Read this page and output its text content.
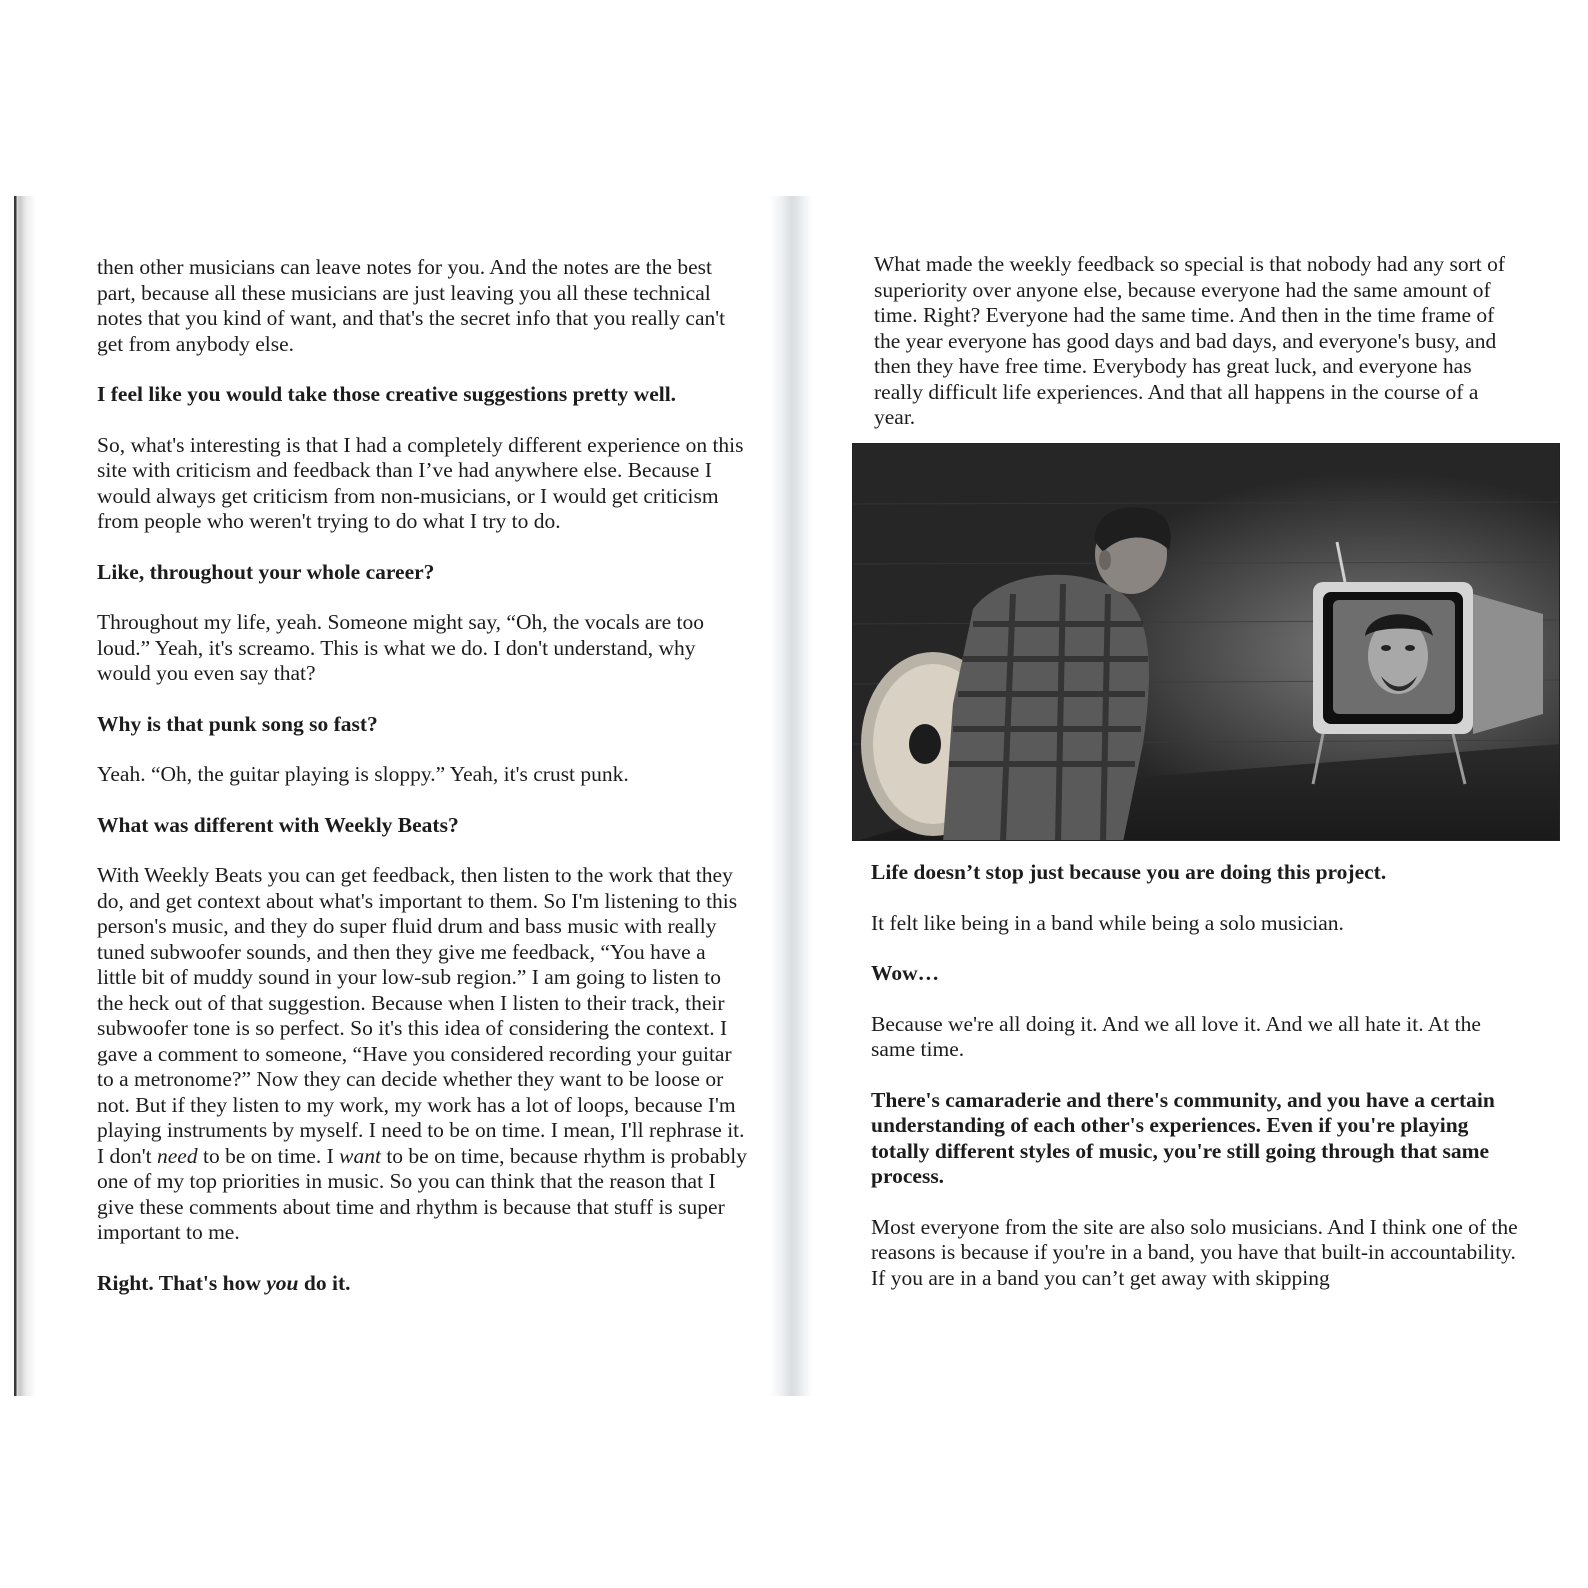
then other musicians can leave notes for you. And the notes are the best part, because all these musicians are just leaving you all these technical notes that you kind of want, and that's the secret info that you really can't get from anybody else.

I feel like you would take those creative suggestions pretty well.

So, what's interesting is that I had a completely different experience on this site with criticism and feedback than I’ve had anywhere else. Because I would always get criticism from non-musicians, or I would get criticism from people who weren't trying to do what I try to do.

Like, throughout your whole career?

Throughout my life, yeah. Someone might say, “Oh, the vocals are too loud.” Yeah, it's screamo. This is what we do. I don't understand, why would you even say that?

Why is that punk song so fast?

Yeah. “Oh, the guitar playing is sloppy.” Yeah, it's crust punk.

What was different with Weekly Beats?

With Weekly Beats you can get feedback, then listen to the work that they do, and get context about what's important to them. So I'm listening to this person's music, and they do super fluid drum and bass music with really tuned subwoofer sounds, and then they give me feedback, “You have a little bit of muddy sound in your low-sub region.” I am going to listen to the heck out of that suggestion. Because when I listen to their track, their subwoofer tone is so perfect. So it's this idea of considering the context. I gave a comment to someone, “Have you considered recording your guitar to a metronome?” Now they can decide whether they want to be loose or not. But if they listen to my work, my work has a lot of loops, because I'm playing instruments by myself. I need to be on time. I mean, I'll rephrase it. I don't need to be on time. I want to be on time, because rhythm is probably one of my top priorities in music. So you can think that the reason that I give these comments about time and rhythm is because that stuff is super important to me.

Right. That's how you do it.

What made the weekly feedback so special is that nobody had any sort of superiority over anyone else, because everyone had the same amount of time. Right? Everyone had the same time. And then in the time frame of the year everyone has good days and bad days, and everyone's busy, and then they have free time. Everybody has great luck, and everyone has really difficult life experiences. And that all happens in the course of a year.

Life doesn’t stop just because you are doing this project.

It felt like being in a band while being a solo musician.

Wow…

Because we're all doing it. And we all love it. And we all hate it. At the same time.

There's camaraderie and there's community, and you have a certain understanding of each other's experiences. Even if you're playing totally different styles of music, you're still going through that same process.

Most everyone from the site are also solo musicians. And I think one of the reasons is because if you're in a band, you have that built-in accountability. If you are in a band you can’t get away with skipping
